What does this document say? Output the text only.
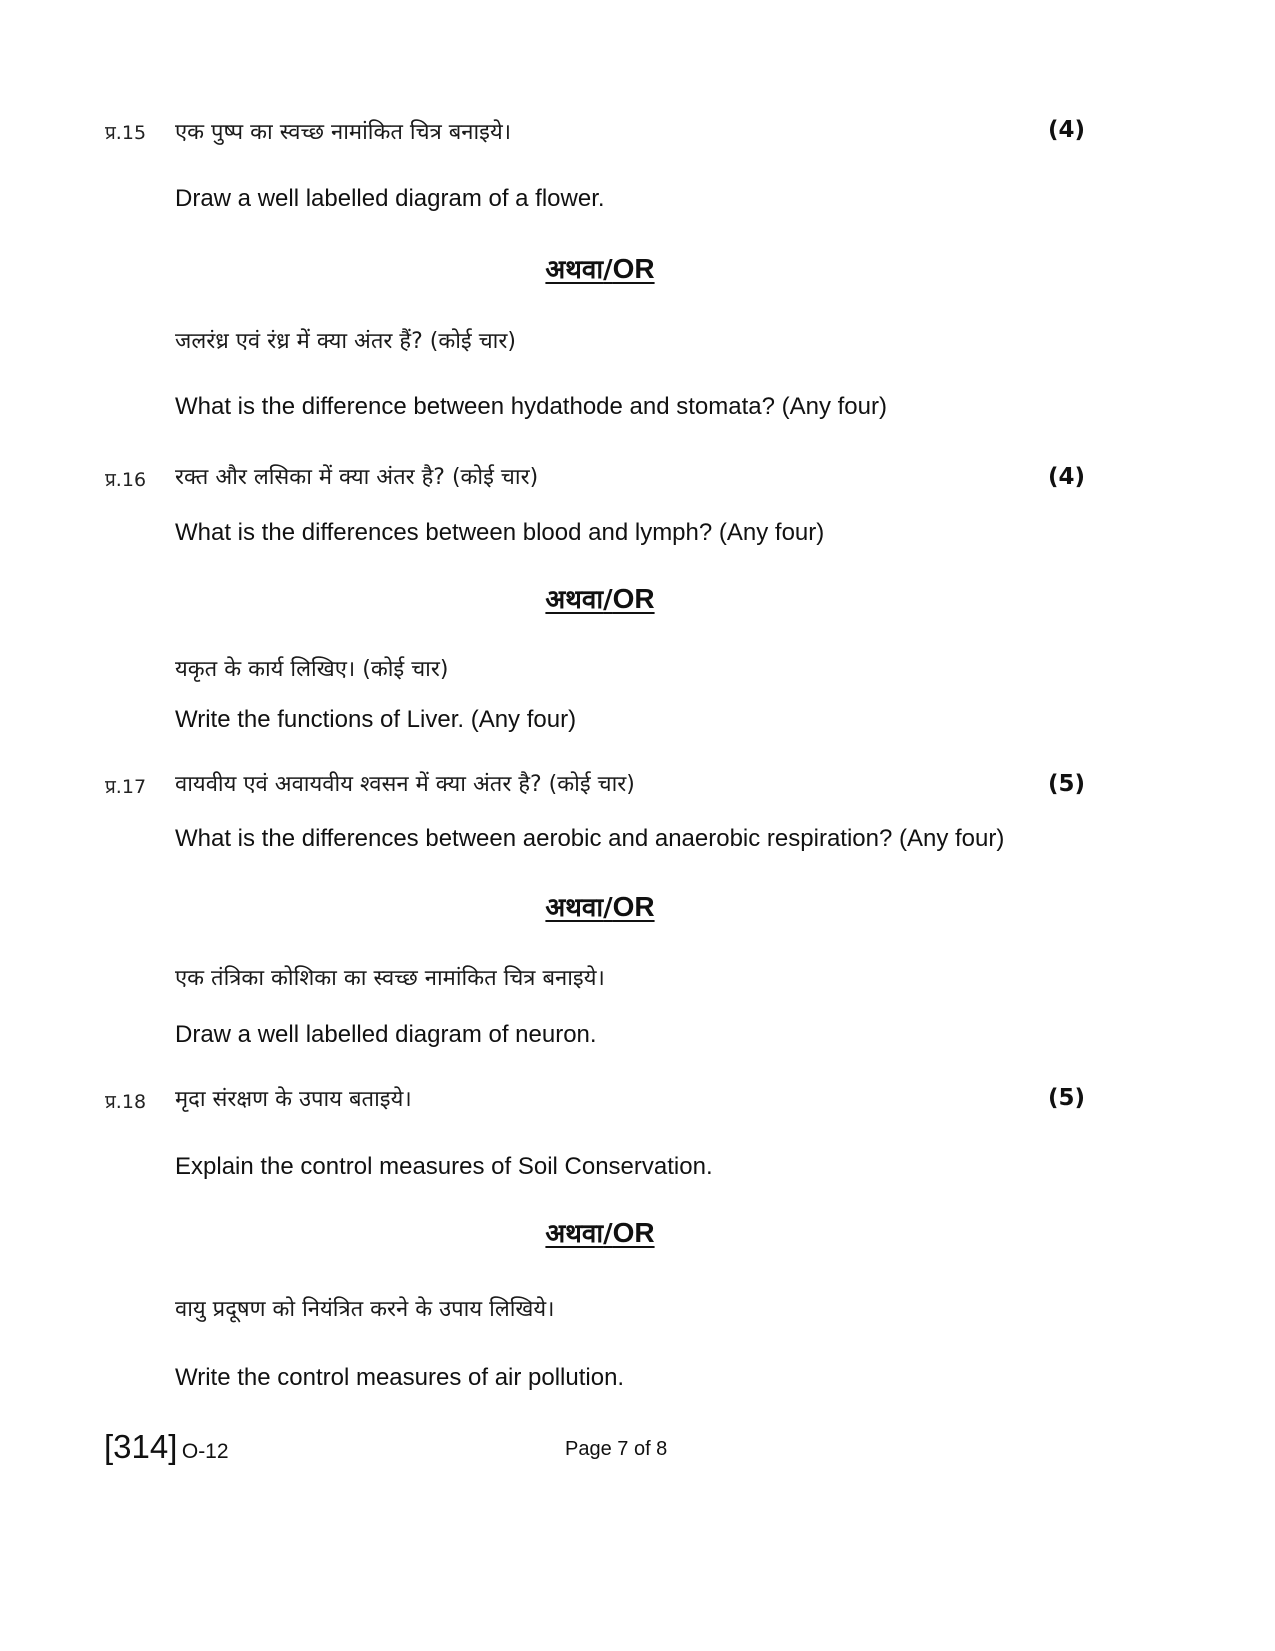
प्र.15 एक पुष्प का स्वच्छ नामांकित चित्र बनाइये।	(4)
Draw a well labelled diagram of a flower.
अथवा/OR
जलरंध्र एवं रंध्र में क्या अंतर हैं? (कोई चार)
What is the difference between hydathode and stomata? (Any four)
प्र.16 रक्त और लसिका में क्या अंतर है? (कोई चार)	(4)
What is the differences between blood and lymph? (Any four)
अथवा/OR
यकृत के कार्य लिखिए। (कोई चार)
Write the functions of Liver. (Any four)
प्र.17 वायवीय एवं अवायवीय श्वसन में क्या अंतर है? (कोई चार)	(5)
What is the differences between aerobic and anaerobic respiration? (Any four)
अथवा/OR
एक तंत्रिका कोशिका का स्वच्छ नामांकित चित्र बनाइये।
Draw a well labelled diagram of neuron.
प्र.18 मृदा संरक्षण के उपाय बताइये।	(5)
Explain the control measures of Soil Conservation.
अथवा/OR
वायु प्रदूषण को नियंत्रित करने के उपाय लिखिये।
Write the control measures of air pollution.
[314] O-12	Page 7 of 8
